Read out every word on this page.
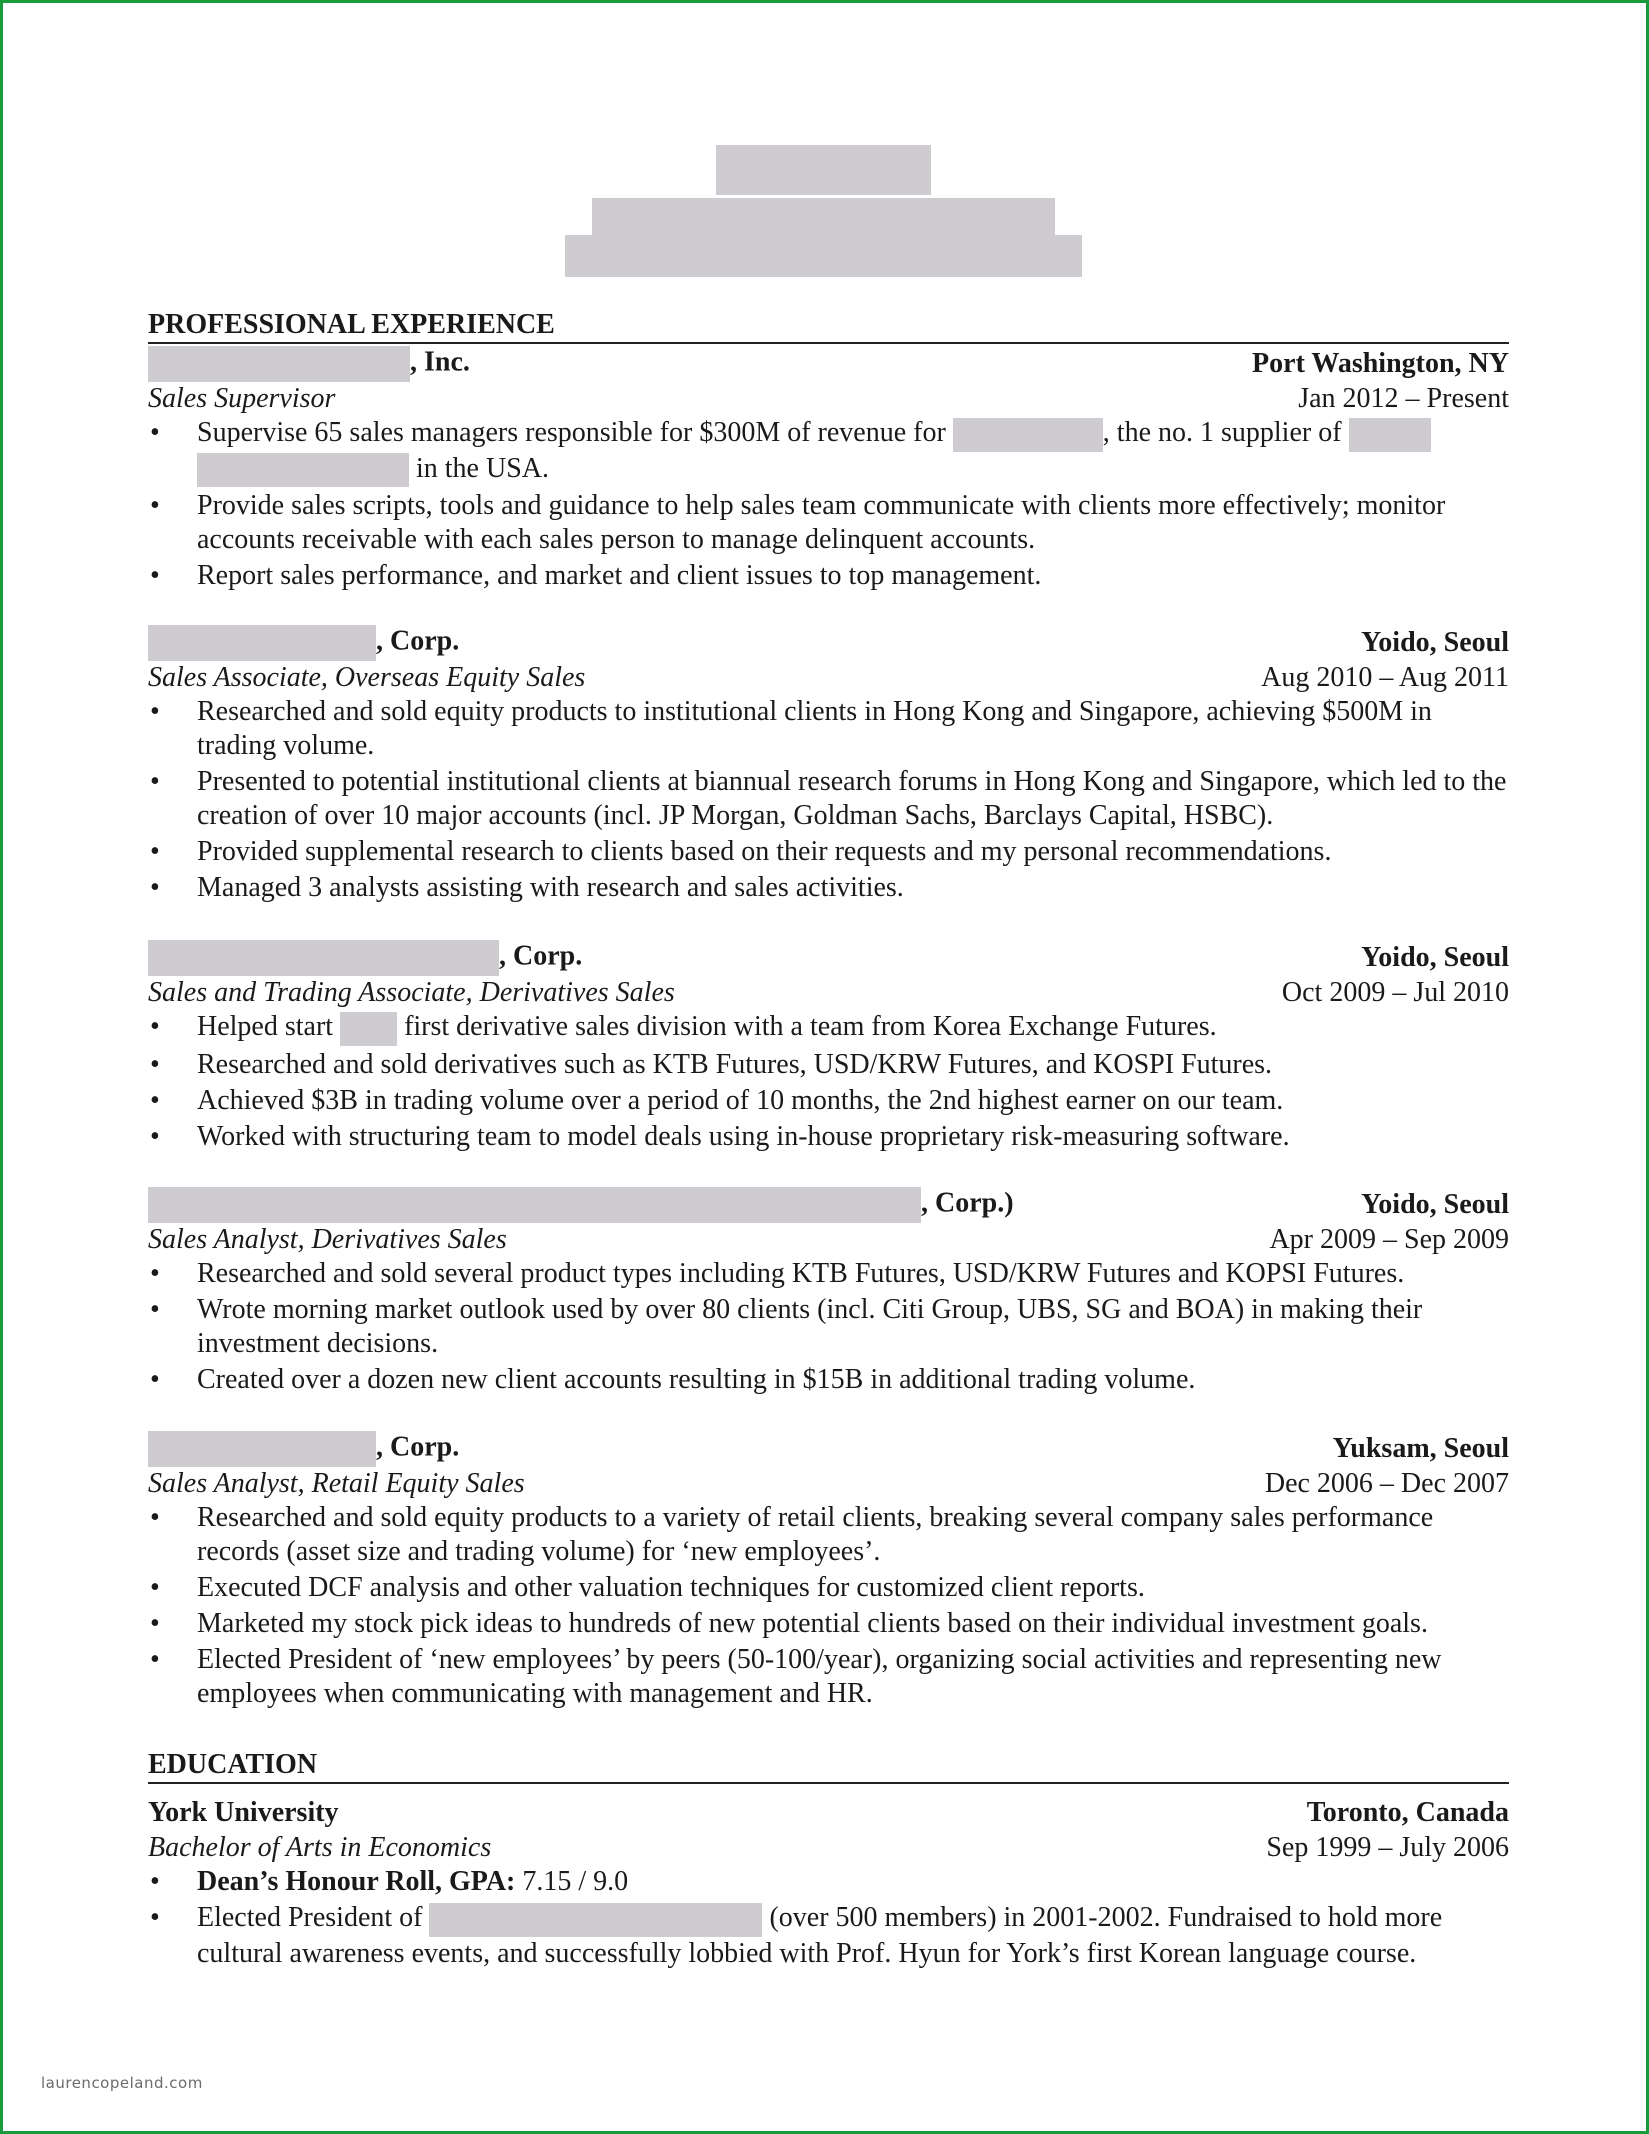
PROFESSIONAL EXPERIENCE
, Inc.	Port Washington, NY
Sales Supervisor	Jan 2012 – Present
• Supervise 65 sales managers responsible for $300M of revenue for	, the no. 1 supplier of
in the USA.
• Provide sales scripts, tools and guidance to help sales team communicate with clients more effectively; monitor accounts receivable with each sales person to manage delinquent accounts.
• Report sales performance, and market and client issues to top management.
, Corp.	Yoido, Seoul
Sales Associate, Overseas Equity Sales	Aug 2010 – Aug 2011
• Researched and sold equity products to institutional clients in Hong Kong and Singapore, achieving $500M in trading volume.
• Presented to potential institutional clients at biannual research forums in Hong Kong and Singapore, which led to the creation of over 10 major accounts (incl. JP Morgan, Goldman Sachs, Barclays Capital, HSBC).
• Provided supplemental research to clients based on their requests and my personal recommendations.
• Managed 3 analysts assisting with research and sales activities.
, Corp.	Yoido, Seoul
Sales and Trading Associate, Derivatives Sales	Oct 2009 – Jul 2010
• Helped start  first derivative sales division with a team from Korea Exchange Futures.
• Researched and sold derivatives such as KTB Futures, USD/KRW Futures, and KOSPI Futures.
• Achieved $3B in trading volume over a period of 10 months, the 2nd highest earner on our team.
• Worked with structuring team to model deals using in-house proprietary risk-measuring software.
, Corp.)	Yoido, Seoul
Sales Analyst, Derivatives Sales	Apr 2009 – Sep 2009
• Researched and sold several product types including KTB Futures, USD/KRW Futures and KOPSI Futures.
• Wrote morning market outlook used by over 80 clients (incl. Citi Group, UBS, SG and BOA) in making their investment decisions.
• Created over a dozen new client accounts resulting in $15B in additional trading volume.
, Corp.	Yuksam, Seoul
Sales Analyst, Retail Equity Sales	Dec 2006 – Dec 2007
• Researched and sold equity products to a variety of retail clients, breaking several company sales performance records (asset size and trading volume) for ‘new employees’.
• Executed DCF analysis and other valuation techniques for customized client reports.
• Marketed my stock pick ideas to hundreds of new potential clients based on their individual investment goals.
• Elected President of ‘new employees’ by peers (50-100/year), organizing social activities and representing new employees when communicating with management and HR.
EDUCATION
York University	Toronto, Canada
Bachelor of Arts in Economics	Sep 1999 – July 2006
• Dean’s Honour Roll, GPA: 7.15 / 9.0
• Elected President of	(over 500 members) in 2001-2002. Fundraised to hold more cultural awareness events, and successfully lobbied with Prof. Hyun for York’s first Korean language course.
laurencopeland.com
